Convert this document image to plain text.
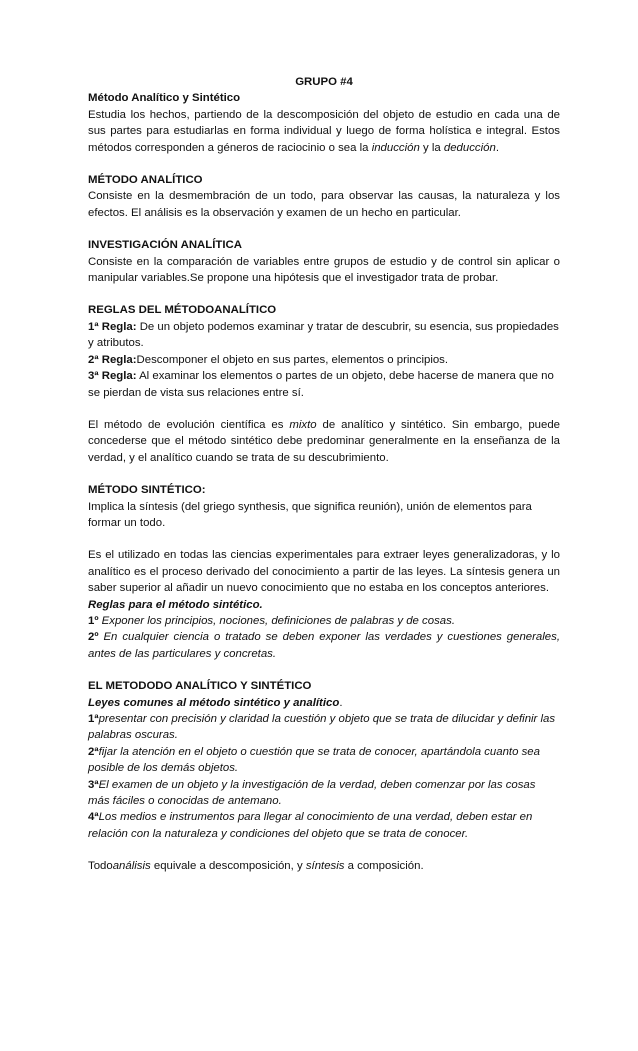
GRUPO #4

Método Analítico y Sintético

Estudia los hechos, partiendo de la descomposición del objeto de estudio en cada una de sus partes para estudiarlas en forma individual y luego de forma holística e integral. Estos métodos corresponden a géneros de raciocinio o sea la inducción y la deducción.

MÉTODO ANALÍTICO

Consiste en la desmembración de un todo, para observar las causas, la naturaleza y los efectos. El análisis es la observación y examen de un hecho en particular.

INVESTIGACIÓN ANALÍTICA

Consiste en la comparación de variables entre grupos de estudio y de control sin aplicar o manipular variables.Se propone una hipótesis que el investigador trata de probar.

REGLAS DEL MÉTODOANALÍTICO

1ª Regla: De un objeto podemos examinar y tratar de descubrir, su esencia, sus propiedades y atributos.

2ª Regla:Descomponer el objeto en sus partes, elementos o principios.

3ª Regla: Al examinar los elementos o partes de un objeto, debe hacerse de manera que no se pierdan de vista sus relaciones entre sí.

El método de evolución científica es mixto de analítico y sintético. Sin embargo, puede concederse que el método sintético debe predominar generalmente en la enseñanza de la verdad, y el analítico cuando se trata de su descubrimiento.

MÉTODO SINTÉTICO:

Implica la síntesis (del griego synthesis, que significa reunión), unión de elementos para formar un todo.

Es el utilizado en todas las ciencias experimentales para extraer leyes generalizadoras, y lo analítico es el proceso derivado del conocimiento a partir de las leyes. La síntesis genera un saber superior al añadir un nuevo conocimiento que no estaba en los conceptos anteriores.

Reglas para el método sintético.

1º Exponer los principios, nociones, definiciones de palabras y de cosas.

2º En cualquier ciencia o tratado se deben exponer las verdades y cuestiones generales, antes de las particulares y concretas.

EL METODODO ANALÍTICO Y SINTÉTICO

Leyes comunes al método sintético y analítico.

1ªpresentar con precisión y claridad la cuestión y objeto que se trata de dilucidar y definir las palabras oscuras.

2ªfijar la atención en el objeto o cuestión que se trata de conocer, apartándola cuanto sea posible de los demás objetos.

3ªEl examen de un objeto y la investigación de la verdad, deben comenzar por las cosas más fáciles o conocidas de antemano.

4ªLos medios e instrumentos para llegar al conocimiento de una verdad, deben estar en relación con la naturaleza y condiciones del objeto que se trata de conocer.

Todoanálisis equivale a descomposición, y síntesis a composición.
